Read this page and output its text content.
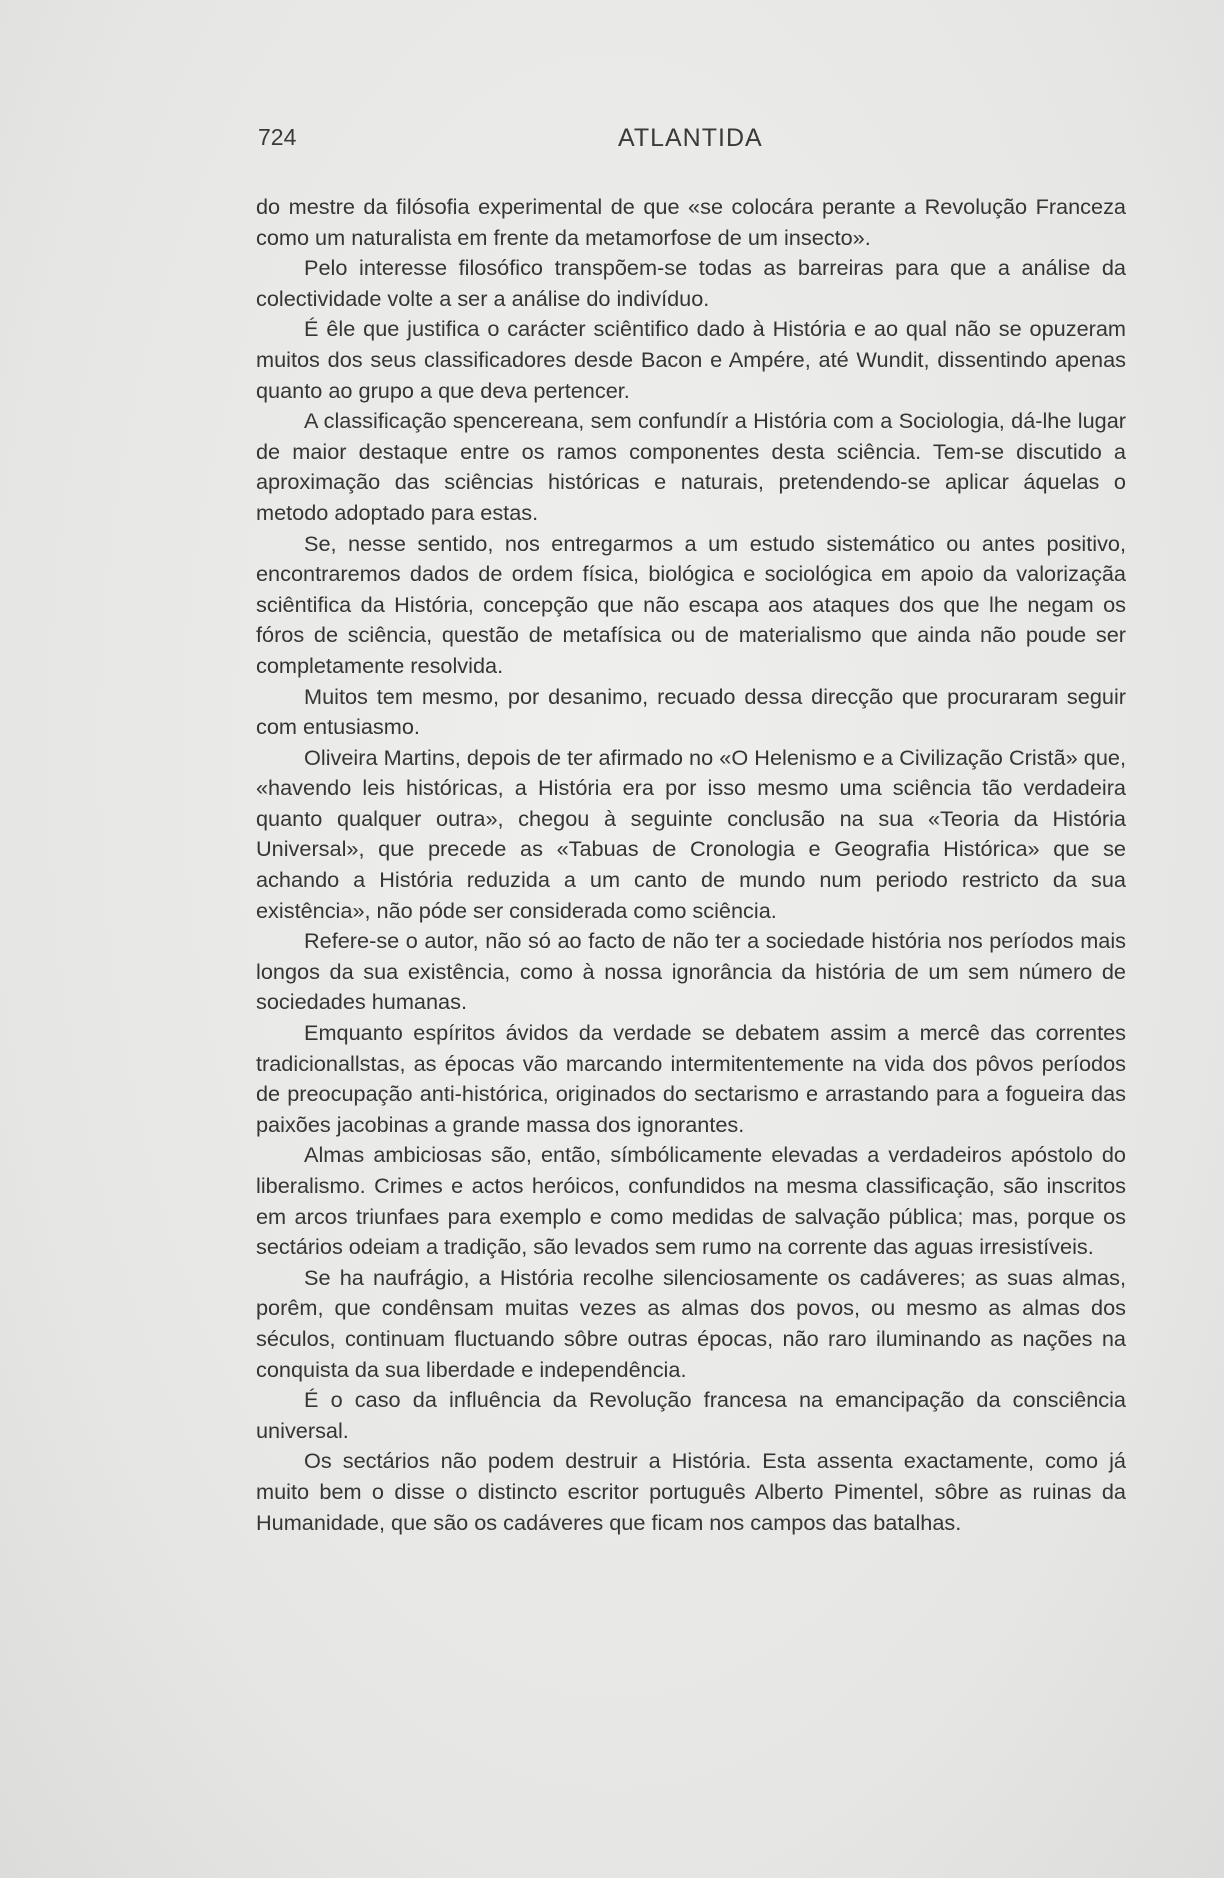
724	ATLANTIDA

do mestre da filósofia experimental de que «se colocára perante a Revolução Franceza como um naturalista em frente da metamorfose de um insecto».

Pelo interesse filosófico transpõem-se todas as barreiras para que a análise da colectividade volte a ser a análise do indivíduo.

É êle que justifica o carácter sciêntifico dado à História e ao qual não se opuzeram muitos dos seus classificadores desde Bacon e Ampére, até Wundit, dissentindo apenas quanto ao grupo a que deva pertencer.

A classificação spencereana, sem confundír a História com a Sociologia, dá-lhe lugar de maior destaque entre os ramos componentes desta sciência. Tem-se discutido a aproximação das sciências históricas e naturais, pretendendo-se aplicar áquelas o metodo adoptado para estas.

Se, nesse sentido, nos entregarmos a um estudo sistemático ou antes positivo, encontraremos dados de ordem física, biológica e sociológica em apoio da valorizaçãa sciêntifica da História, concepção que não escapa aos ataques dos que lhe negam os fóros de sciência, questão de metafísica ou de materialismo que ainda não poude ser completamente resolvida.

Muitos tem mesmo, por desanimo, recuado dessa direcção que procuraram seguir com entusiasmo.

Oliveira Martins, depois de ter afirmado no «O Helenismo e a Civilização Cristã» que, «havendo leis históricas, a História era por isso mesmo uma sciência tão verdadeira quanto qualquer outra», chegou à seguinte conclusão na sua «Teoria da História Universal», que precede as «Tabuas de Cronologia e Geografia Histórica» que se achando a História reduzida a um canto de mundo num periodo restricto da sua existência», não póde ser considerada como sciência.

Refere-se o autor, não só ao facto de não ter a sociedade história nos períodos mais longos da sua existência, como à nossa ignorância da história de um sem número de sociedades humanas.

Emquanto espíritos ávidos da verdade se debatem assim a mercê das correntes tradicionallstas, as épocas vão marcando intermitentemente na vida dos pôvos períodos de preocupação anti-histórica, originados do sectarismo e arrastando para a fogueira das paixões jacobinas a grande massa dos ignorantes.

Almas ambiciosas são, então, símbólicamente elevadas a verdadeiros apóstolo do liberalismo. Crimes e actos heróicos, confundidos na mesma classificação, são inscritos em arcos triunfaes para exemplo e como medidas de salvação pública; mas, porque os sectários odeiam a tradição, são levados sem rumo na corrente das aguas irresistíveis.

Se ha naufrágio, a História recolhe silenciosamente os cadáveres; as suas almas, porêm, que condênsam muitas vezes as almas dos povos, ou mesmo as almas dos séculos, continuam fluctuando sôbre outras épocas, não raro iluminando as nações na conquista da sua liberdade e independência.

É o caso da influência da Revolução francesa na emancipação da consciência universal.

Os sectários não podem destruir a História. Esta assenta exactamente, como já muito bem o disse o distincto escritor português Alberto Pimentel, sôbre as ruinas da Humanidade, que são os cadáveres que ficam nos campos das batalhas.
